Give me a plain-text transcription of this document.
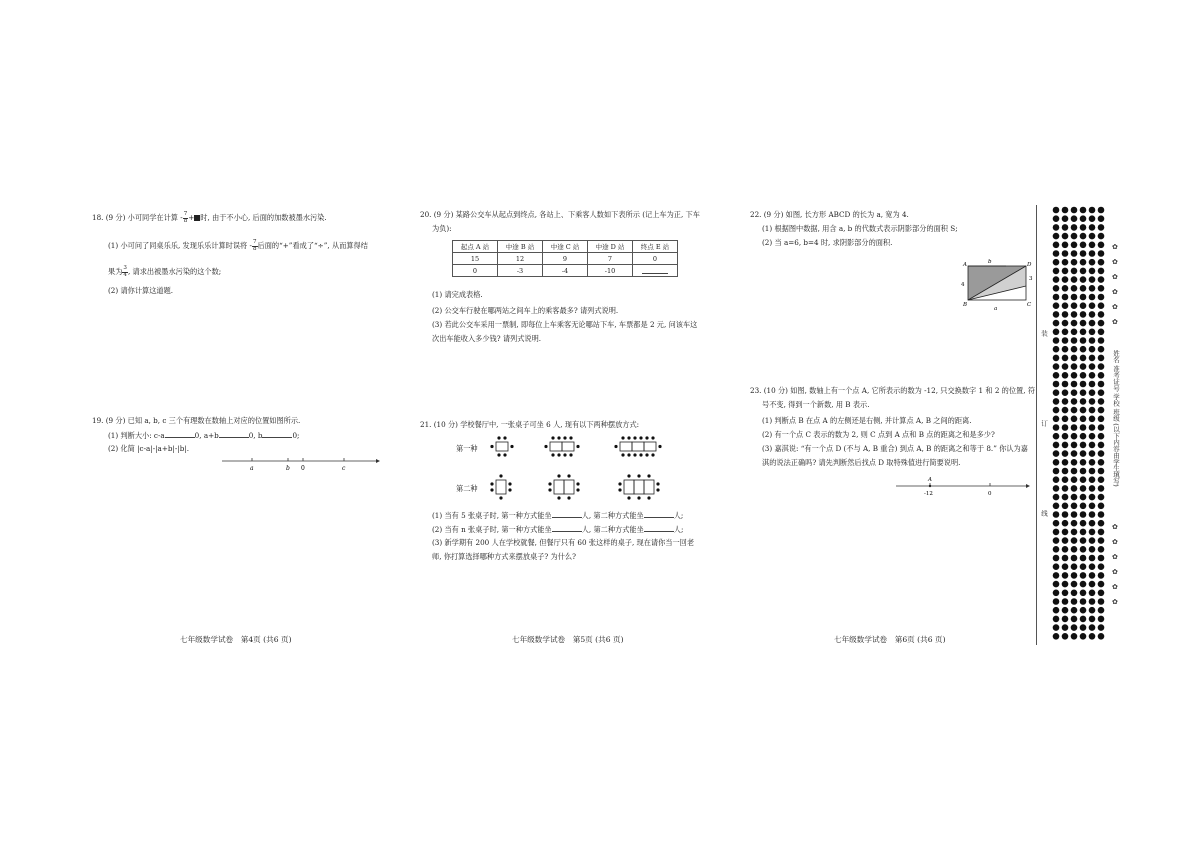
18. (9 分) 小可同学在计算 - $\frac{7}{8}$ + 时, 由于不小心, 后面的加数被墨水污染.
(1) 小可问了同桌乐乐, 发现乐乐计算时误将 - $\frac{7}{8}$ 后面的“+”看成了“÷”, 从而算得结
果为 $\frac{3}{4}$ , 请求出被墨水污染的这个数;
(2) 请你计算这道题.
19. (9 分) 已知 a, b, c 三个有理数在数轴上对应的位置如图所示.
(1) 判断大小: c-a	0, a+b	0, b	0;
(2) 化简 |c-a|-|a+b|-|b|.
a	b 0	c
七年级数学试卷　第4页 (共6 页)
20. (9 分) 某路公交车从起点到终点, 各站上、下乘客人数如下表所示 (记上车为正, 下车
为负):
(1) 请完成表格.
(2) 公交车行驶在哪两站之间车上的乘客最多? 请列式说明.
(3) 若此公交车采用一票制, 即每位上车乘客无论哪站下车, 车票都是 2 元, 问该车这
次出车能收入多少钱? 请列式说明.
21. (10 分) 学校餐厅中, 一张桌子可坐 6 人, 现有以下两种摆放方式:
第一种
第二种
(1) 当有 5 张桌子时, 第一种方式能坐	人, 第二种方式能坐	人;
(2) 当有 n 张桌子时, 第一种方式能坐	人, 第二种方式能坐	人;
(3) 新学期有 200 人在学校就餐, 但餐厅只有 60 张这样的桌子, 现在请你当一回老
师, 你打算选择哪种方式来摆放桌子? 为什么?
起点 A 站	中途 B 站	中途 C 站	中途 D 站	终点 E 站
15	12	9	7	0
0	-3	-4	-10	
七年级数学试卷　第5页 (共6 页)
22. (9 分) 如图, 长方形 ABCD 的长为 a, 宽为 4.
(1) 根据图中数据, 用含 a, b 的代数式表示阴影部分的面积 S;
(2) 当 a=6, b=4 时, 求阴影部分的面积.
23. (10 分) 如图, 数轴上有一个点 A, 它所表示的数为 -12, 只交换数字 1 和 2 的位置, 符
号不变, 得到一个新数, 用 B 表示.
(1) 判断点 B 在点 A 的左侧还是右侧, 并计算点 A, B 之间的距离.
(2) 有一个点 C 表示的数为 2, 则 C 点到 A 点和 B 点的距离之和是多少?
(3) 嘉淇说: “有一个点 D (不与 A, B 重合) 到点 A, B 的距离之和等于 8.” 你认为嘉
淇的说法正确吗? 请先判断然后找点 D 取特殊值进行简要说明.
A
B	C
D
b
a
4
3
A
-12	0
七年级数学试卷　第6页 (共6 页)
装
订
线
姓名 准考证号 学校 班级 (以下内容由学生填写)
✿
✿
✿
✿
✿
✿
✿
✿
✿
✿
✿
✿
